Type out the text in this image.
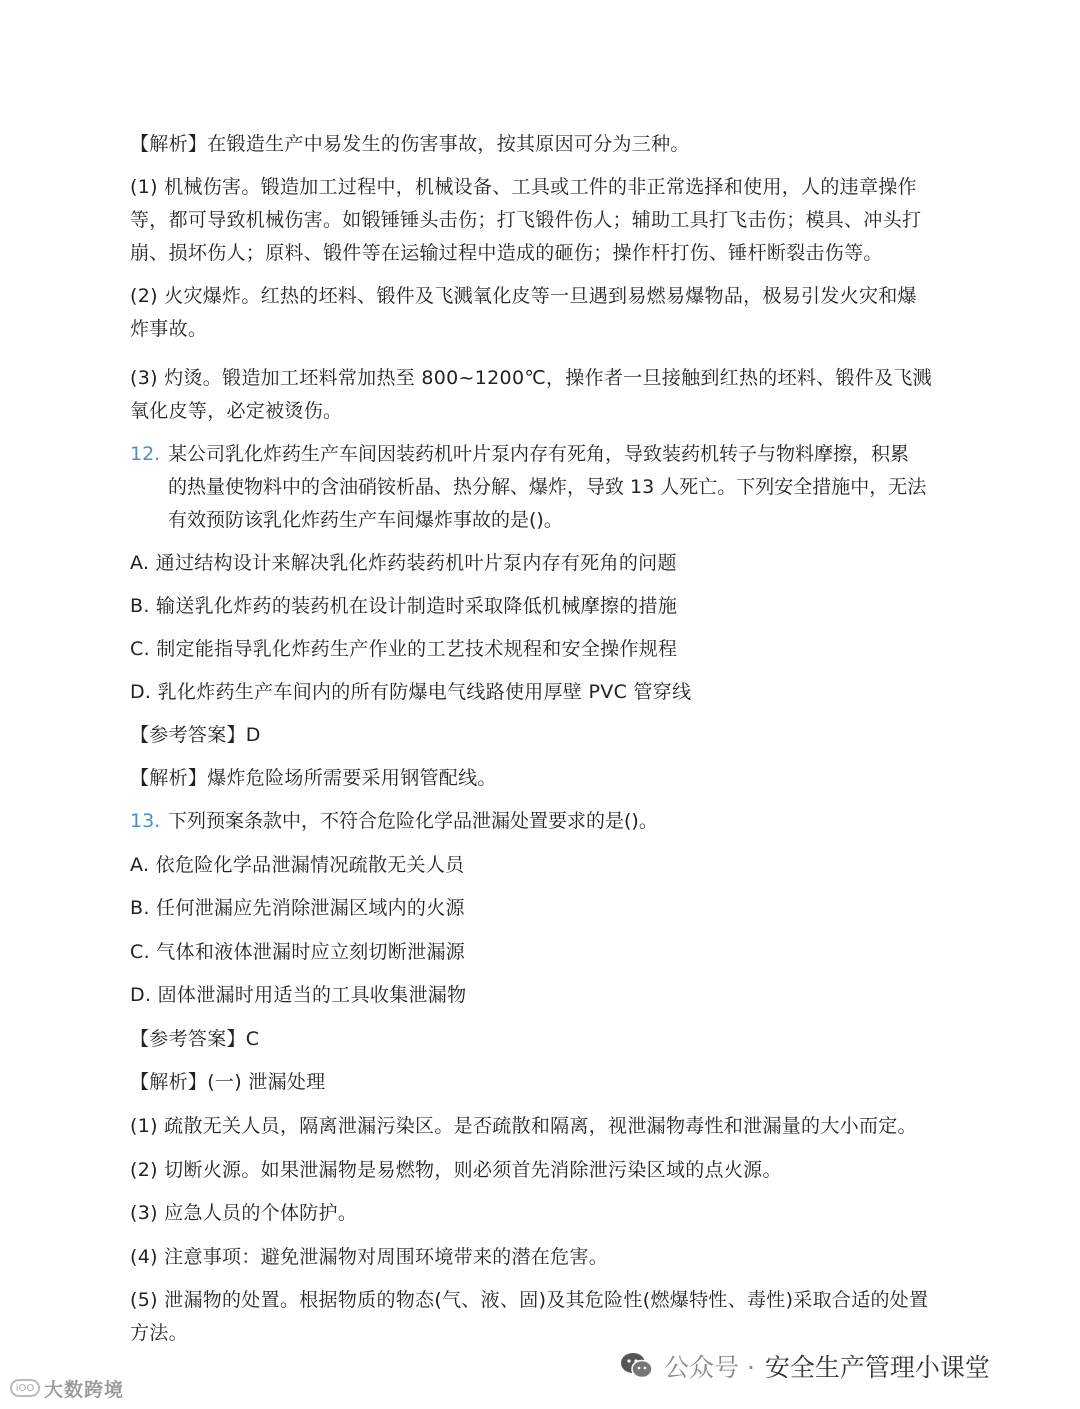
【解析】在锻造生产中易发生的伤害事故，按其原因可分为三种。
(1) 机械伤害。锻造加工过程中，机械设备、工具或工件的非正常选择和使用，人的违章操作
等，都可导致机械伤害。如锻锤锤头击伤；打飞锻件伤人；辅助工具打飞击伤；模具、冲头打
崩、损坏伤人；原料、锻件等在运输过程中造成的砸伤；操作杆打伤、锤杆断裂击伤等。
(2) 火灾爆炸。红热的坯料、锻件及飞溅氧化皮等一旦遇到易燃易爆物品，极易引发火灾和爆
炸事故。
(3) 灼烫。锻造加工坯料常加热至 800~1200℃，操作者一旦接触到红热的坯料、锻件及飞溅
氧化皮等，必定被烫伤。
12. 某公司乳化炸药生产车间因装药机叶片泵内存有死角，导致装药机转子与物料摩擦，积累
的热量使物料中的含油硝铵析晶、热分解、爆炸，导致 13 人死亡。下列安全措施中，无法
有效预防该乳化炸药生产车间爆炸事故的是()。
A. 通过结构设计来解决乳化炸药装药机叶片泵内存有死角的问题
B. 输送乳化炸药的装药机在设计制造时采取降低机械摩擦的措施
C. 制定能指导乳化炸药生产作业的工艺技术规程和安全操作规程
D. 乳化炸药生产车间内的所有防爆电气线路使用厚壁 PVC 管穿线
【参考答案】D
【解析】爆炸危险场所需要采用钢管配线。
13. 下列预案条款中，不符合危险化学品泄漏处置要求的是()。
A. 依危险化学品泄漏情况疏散无关人员
B. 任何泄漏应先消除泄漏区域内的火源
C. 气体和液体泄漏时应立刻切断泄漏源
D. 固体泄漏时用适当的工具收集泄漏物
【参考答案】C
【解析】(一) 泄漏处理
(1) 疏散无关人员，隔离泄漏污染区。是否疏散和隔离，视泄漏物毒性和泄漏量的大小而定。
(2) 切断火源。如果泄漏物是易燃物，则必须首先消除泄污染区域的点火源。
(3) 应急人员的个体防护。
(4) 注意事项：避免泄漏物对周围环境带来的潜在危害。
(5) 泄漏物的处置。根据物质的物态(气、液、固)及其危险性(燃爆特性、毒性)采取合适的处置
方法。
公众号 · 安全生产管理小课堂
iOO 大数跨境
